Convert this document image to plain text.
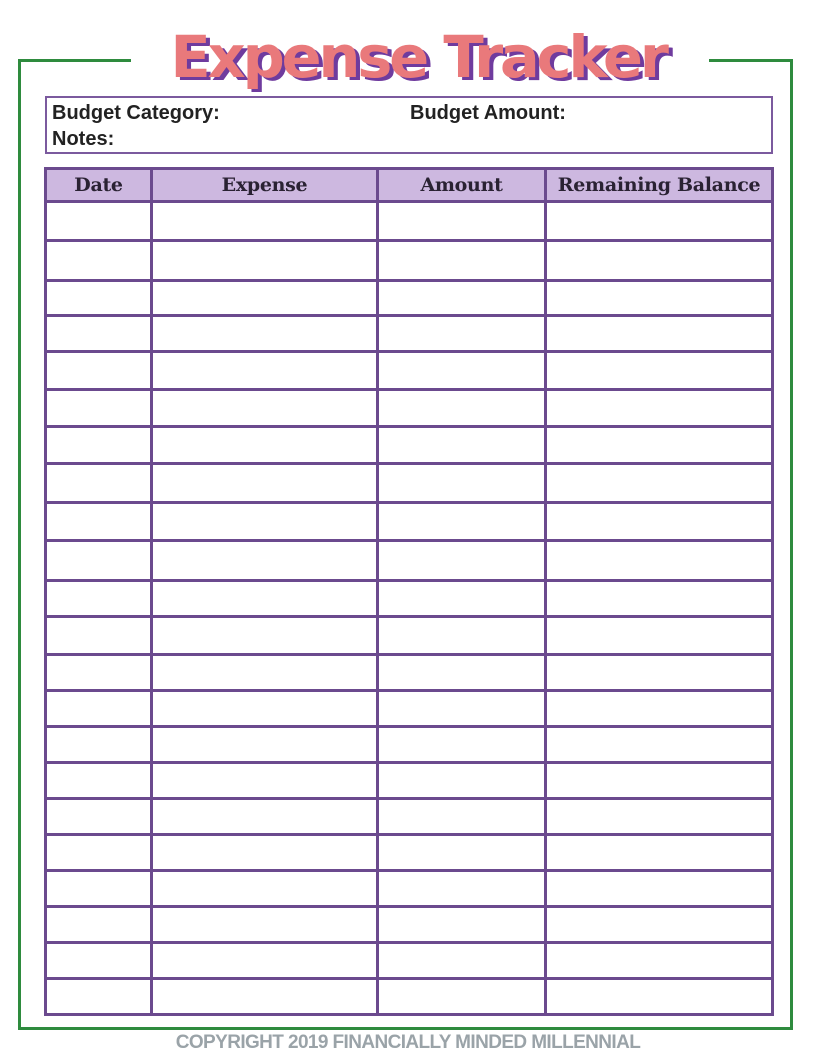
Expense Tracker
Budget Category:	Budget Amount:
Notes:
Date	Expense	Amount	Remaining Balance

COPYRIGHT 2019 FINANCIALLY MINDED MILLENNIAL
